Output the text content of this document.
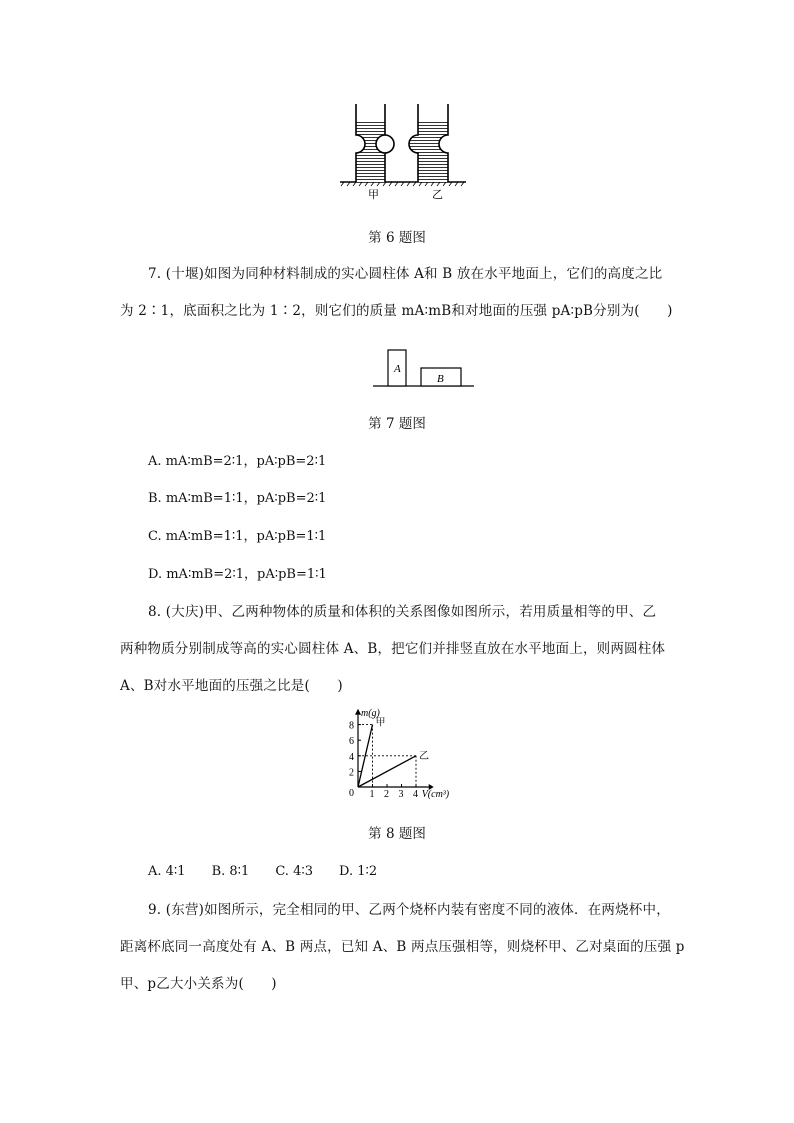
甲	乙
第 6 题图
7. (十堰)如图为同种材料制成的实心圆柱体 A和 B 放在水平地面上，它们的高度之比
为 2∶1，底面积之比为 1∶2，则它们的质量 mA∶mB和对地面的压强 pA∶pB分别为(　　)
A
B
第 7 题图
A. mA∶mB=2∶1，pA∶pB=2∶1
B. mA∶mB=1∶1，pA∶pB=2∶1
C. mA∶mB=1∶1，pA∶pB=1∶1
D. mA∶mB=2∶1，pA∶pB=1∶1
8. (大庆)甲、乙两种物体的质量和体积的关系图像如图所示，若用质量相等的甲、乙
两种物质分别制成等高的实心圆柱体 A、B，把它们并排竖直放在水平地面上，则两圆柱体
A、B对水平地面的压强之比是(　　)
m(g)
V(cm³)
0 1 2 3 4
2
4
6
8 甲
乙
第 8 题图
A. 4∶1　　B. 8∶1　　C. 4∶3　　D. 1∶2
9. (东营)如图所示，完全相同的甲、乙两个烧杯内装有密度不同的液体．在两烧杯中，
距离杯底同一高度处有 A、B 两点，已知 A、B 两点压强相等，则烧杯甲、乙对桌面的压强 p
甲、p乙大小关系为(　　)
